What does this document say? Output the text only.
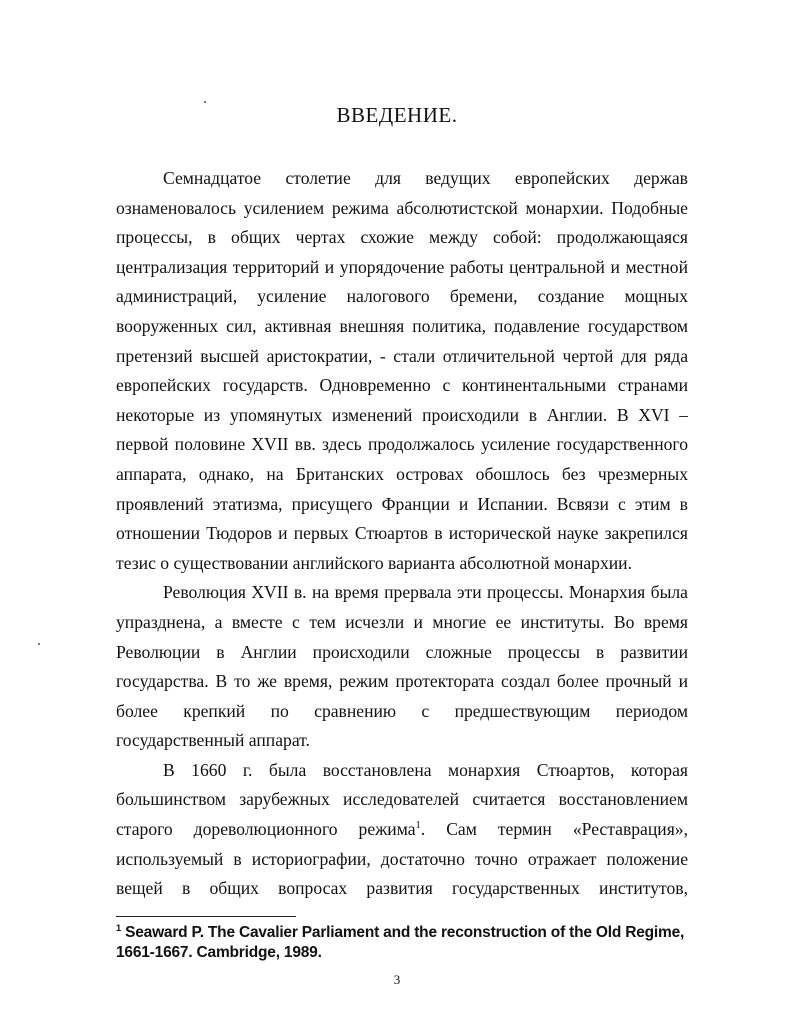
ВВЕДЕНИЕ.
Семнадцатое столетие для ведущих европейских держав
ознаменовалось усилением режима абсолютистской монархии. Подобные
процессы, в общих чертах схожие между собой: продолжающаяся
централизация территорий и упорядочение работы центральной и местной
администраций, усиление налогового бремени, создание мощных
вооруженных сил, активная внешняя политика, подавление государством
претензий высшей аристократии, - стали отличительной чертой для ряда
европейских государств. Одновременно с континентальными странами
некоторые из упомянутых изменений происходили в Англии. В XVI –
первой половине XVII вв. здесь продолжалось усиление государственного
аппарата, однако, на Британских островах обошлось без чрезмерных
проявлений этатизма, присущего Франции и Испании. Всвязи с этим в
отношении Тюдоров и первых Стюартов в исторической науке закрепился
тезис о существовании английского варианта абсолютной монархии.
Революция XVII в. на время прервала эти процессы. Монархия была
упразднена, а вместе с тем исчезли и многие ее институты. Во время
Революции в Англии происходили сложные процессы в развитии
государства. В то же время, режим протектората создал более прочный и
более крепкий по сравнению с предшествующим периодом
государственный аппарат.
В 1660 г. была восстановлена монархия Стюартов, которая
большинством зарубежных исследователей считается восстановлением
старого дореволюционного режима$^1$. Сам термин «Реставрация»,
используемый в историографии, достаточно точно отражает положение
вещей в общих вопросах развития государственных институтов,
$^1$ Seaward P. The Cavalier Parliament and the reconstruction of the Old Regime,
1661-1667. Cambridge, 1989.
3
